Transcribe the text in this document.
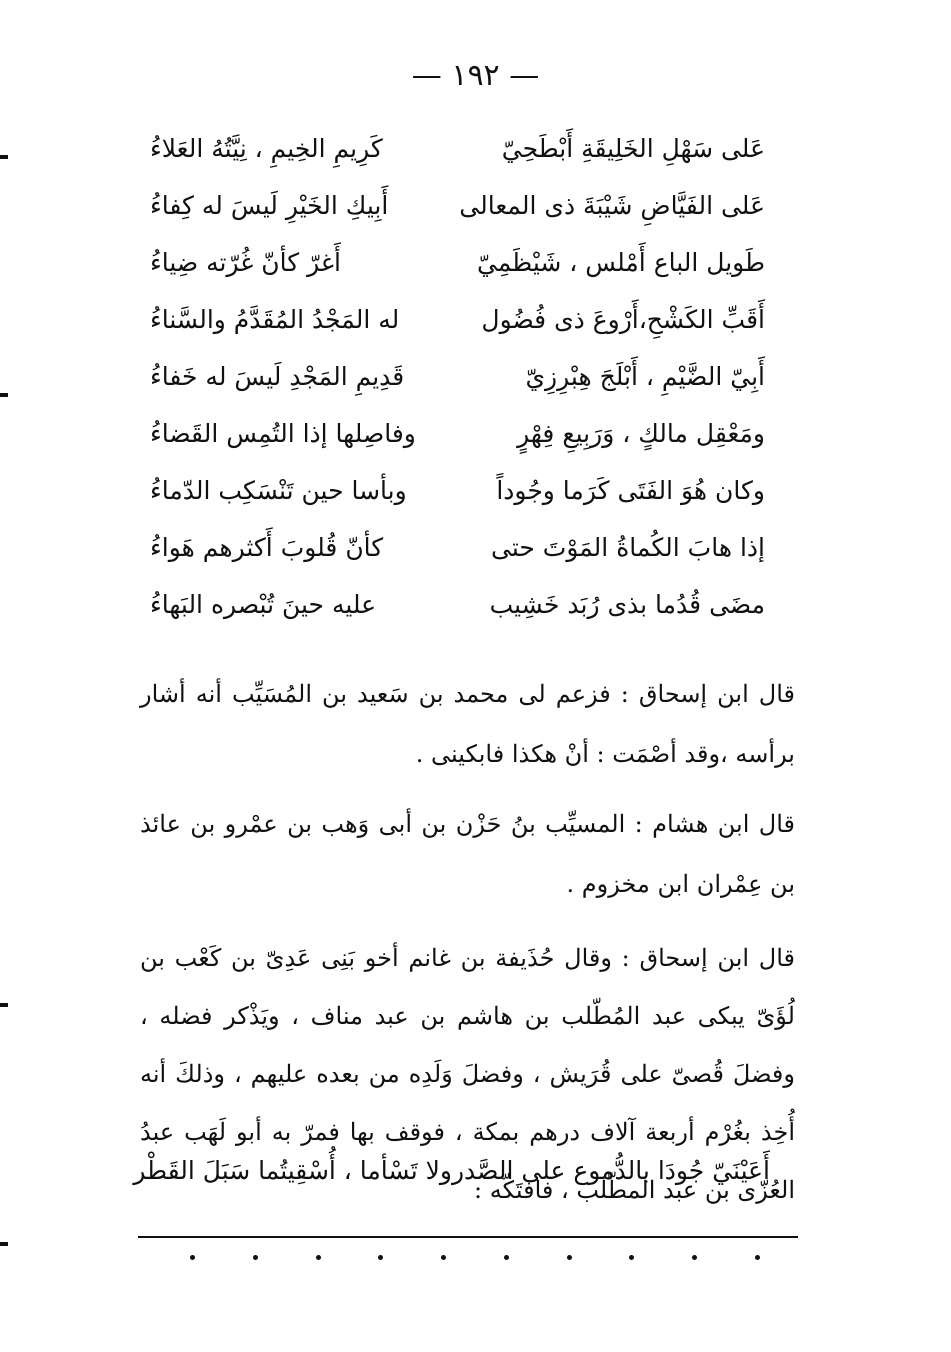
— ١٩٢ —
عَلى سَهْلِ الخَلِيقَةِ أَبْطَحِيّ
كَرِيمِ الخِيمِ ، نِيَّتُهُ العَلاءُ
عَلى الفَيَّاضِ شَيْبَةَ ذى المعالى
أَبِيكِ الخَيْرِ لَيسَ له كِفاءُ
طَويل الباع أَمْلس ، شَيْظَمِيّ
أَغرّ كأنّ غُرّته ضِياءُ
أَقَبِّ الكَشْحِ،أَرْوعَ ذى فُضُول
له المَجْدُ المُقَدَّمُ والسَّناءُ
أَبِيّ الضَّيْمِ ، أَبْلَجَ هِبْرِزِيّ
قَدِيمِ المَجْدِ لَيسَ له خَفاءُ
ومَعْقِل مالكٍ ، وَرَبِيعِ فِهْرٍ
وفاصِلها إذا التُمِس القَضاءُ
وكان هُوَ الفَتَى كَرَما وجُوداً
وبأسا حين تَنْسَكِب الدّماءُ
إذا هابَ الكُماةُ المَوْتَ حتى
كأنّ قُلوبَ أَكثرهم هَواءُ
مضَى قُدُما بذى رُبَد خَشِيب
عليه حينَ تُبْصره البَهاءُ

قال ابن إسحاق : فزعم لى محمد بن سَعيد بن المُسَيِّب أنه أشار برأسه ،وقد أصْمَت : أنْ هكذا فابكينى .

قال ابن هشام : المسيِّب بنُ حَزْن بن أبى وَهب بن عمْرو بن عائذ بن عِمْران ابن مخزوم .

قال ابن إسحاق : وقال حُذَيفة بن غانم أخو بَنِى عَدِىّ بن كَعْب بن لُؤَىّ يبكى عبد المُطّلب بن هاشم بن عبد مناف ، ويَذْكر فضله ، وفضلَ قُصىّ على قُرَيش ، وفضلَ وَلَدِه من بعده عليهم ، وذلكَ أنه أُخِذ بغُرْم أربعة آلاف درهم بمكة ، فوقف بها فمرّ به أبو لَهَب عبدُ العُزّى بن عبد المطّلب ، فافتَكّه :

أَعَيْنَيّ جُودَا بالدُّموع على الصَّدر
ولا تَسْأما ، أُسْقِيتُما سَبَلَ القَطْر
